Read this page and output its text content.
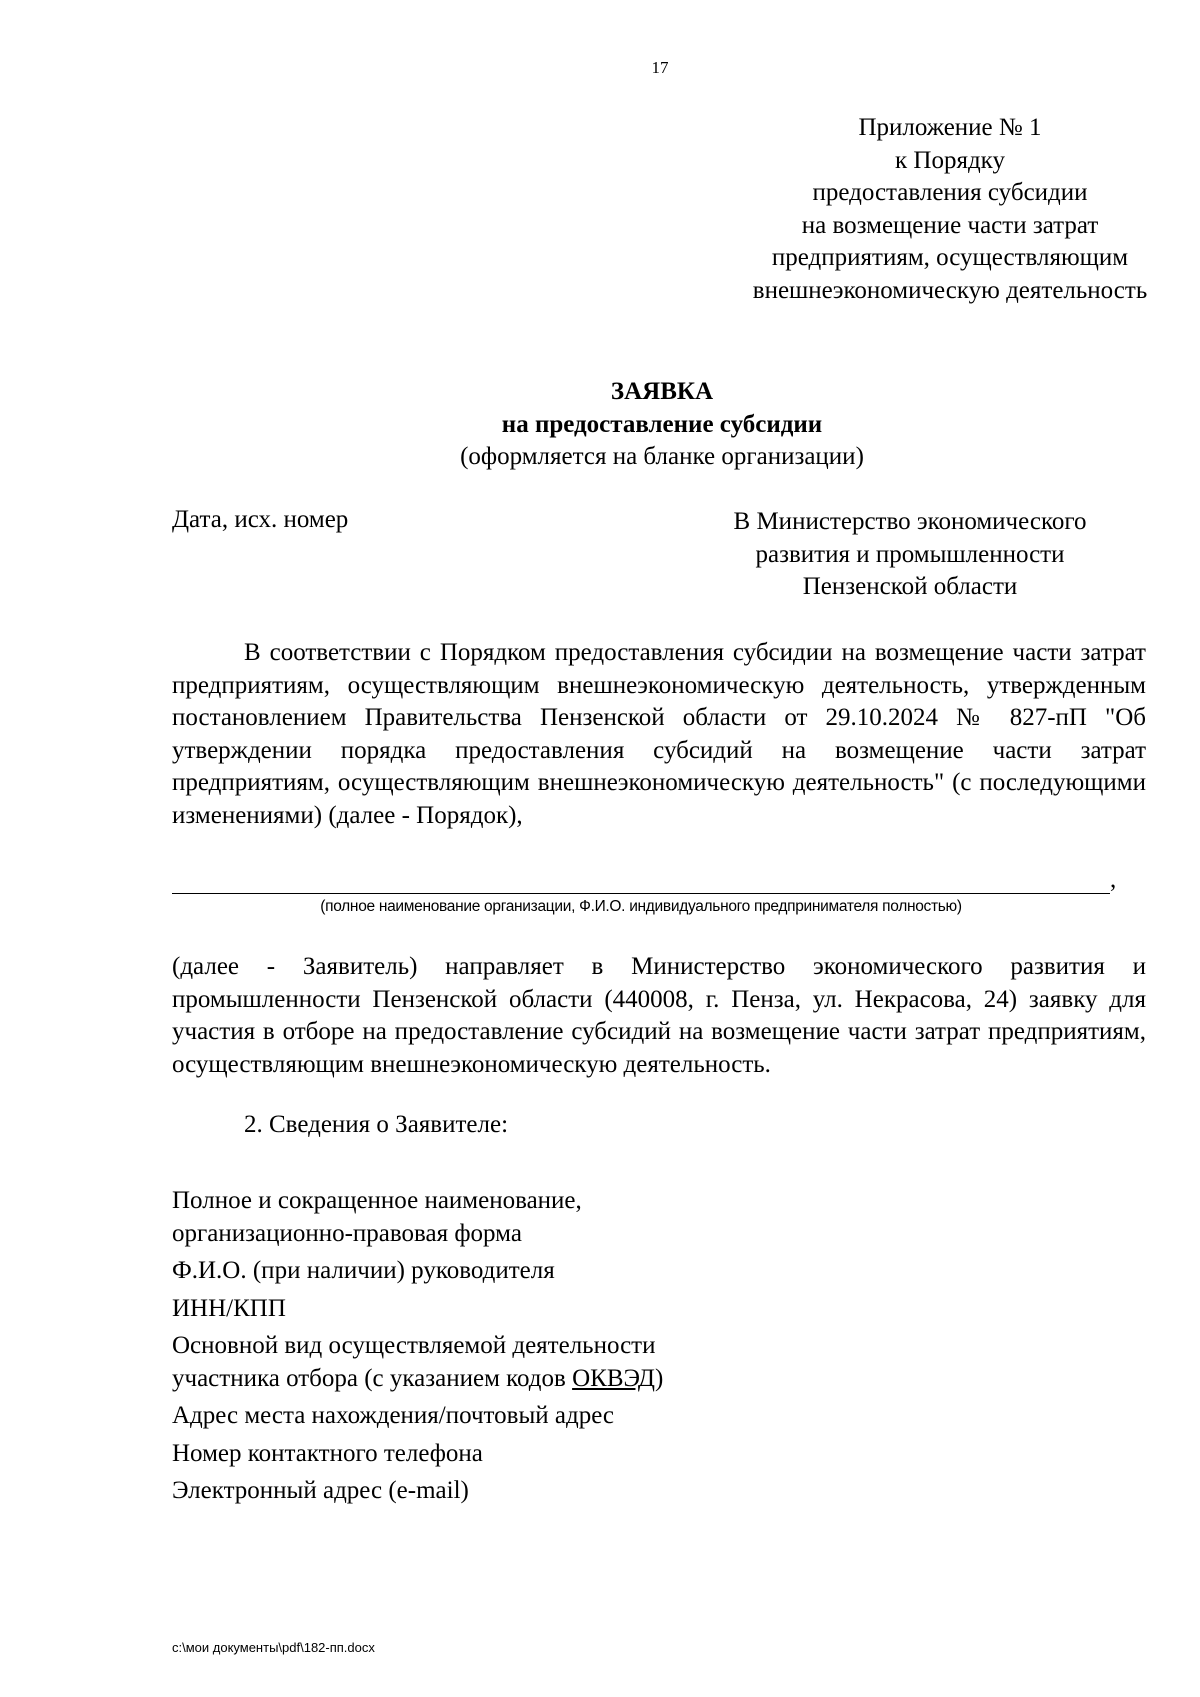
17
Приложение № 1
к Порядку
предоставления субсидии
на возмещение части затрат
предприятиям, осуществляющим
внешнеэкономическую деятельность
ЗАЯВКА
на предоставление субсидии
(оформляется на бланке организации)
Дата, исх. номер	В Министерство экономического
развития и промышленности
Пензенской области
В соответствии с Порядком предоставления субсидии на возмещение части затрат предприятиям, осуществляющим внешнеэкономическую деятельность, утвержденным постановлением Правительства Пензенской области от 29.10.2024 № 827-пП "Об утверждении порядка предоставления субсидий на возмещение части затрат предприятиям, осуществляющим внешнеэкономическую деятельность" (с последующими изменениями) (далее - Порядок),
,
(полное наименование организации, Ф.И.О. индивидуального предпринимателя полностью)
(далее - Заявитель) направляет в Министерство экономического развития и промышленности Пензенской области (440008, г. Пенза, ул. Некрасова, 24) заявку для участия в отборе на предоставление субсидий на возмещение части затрат предприятиям, осуществляющим внешнеэкономическую деятельность.
2. Сведения о Заявителе:
Полное и сокращенное наименование,
организационно-правовая форма
Ф.И.О. (при наличии) руководителя
ИНН/КПП
Основной вид осуществляемой деятельности
участника отбора (с указанием кодов ОКВЭД)
Адрес места нахождения/почтовый адрес
Номер контактного телефона
Электронный адрес (e-mail)
c:\мои документы\pdf\182-пп.docx
